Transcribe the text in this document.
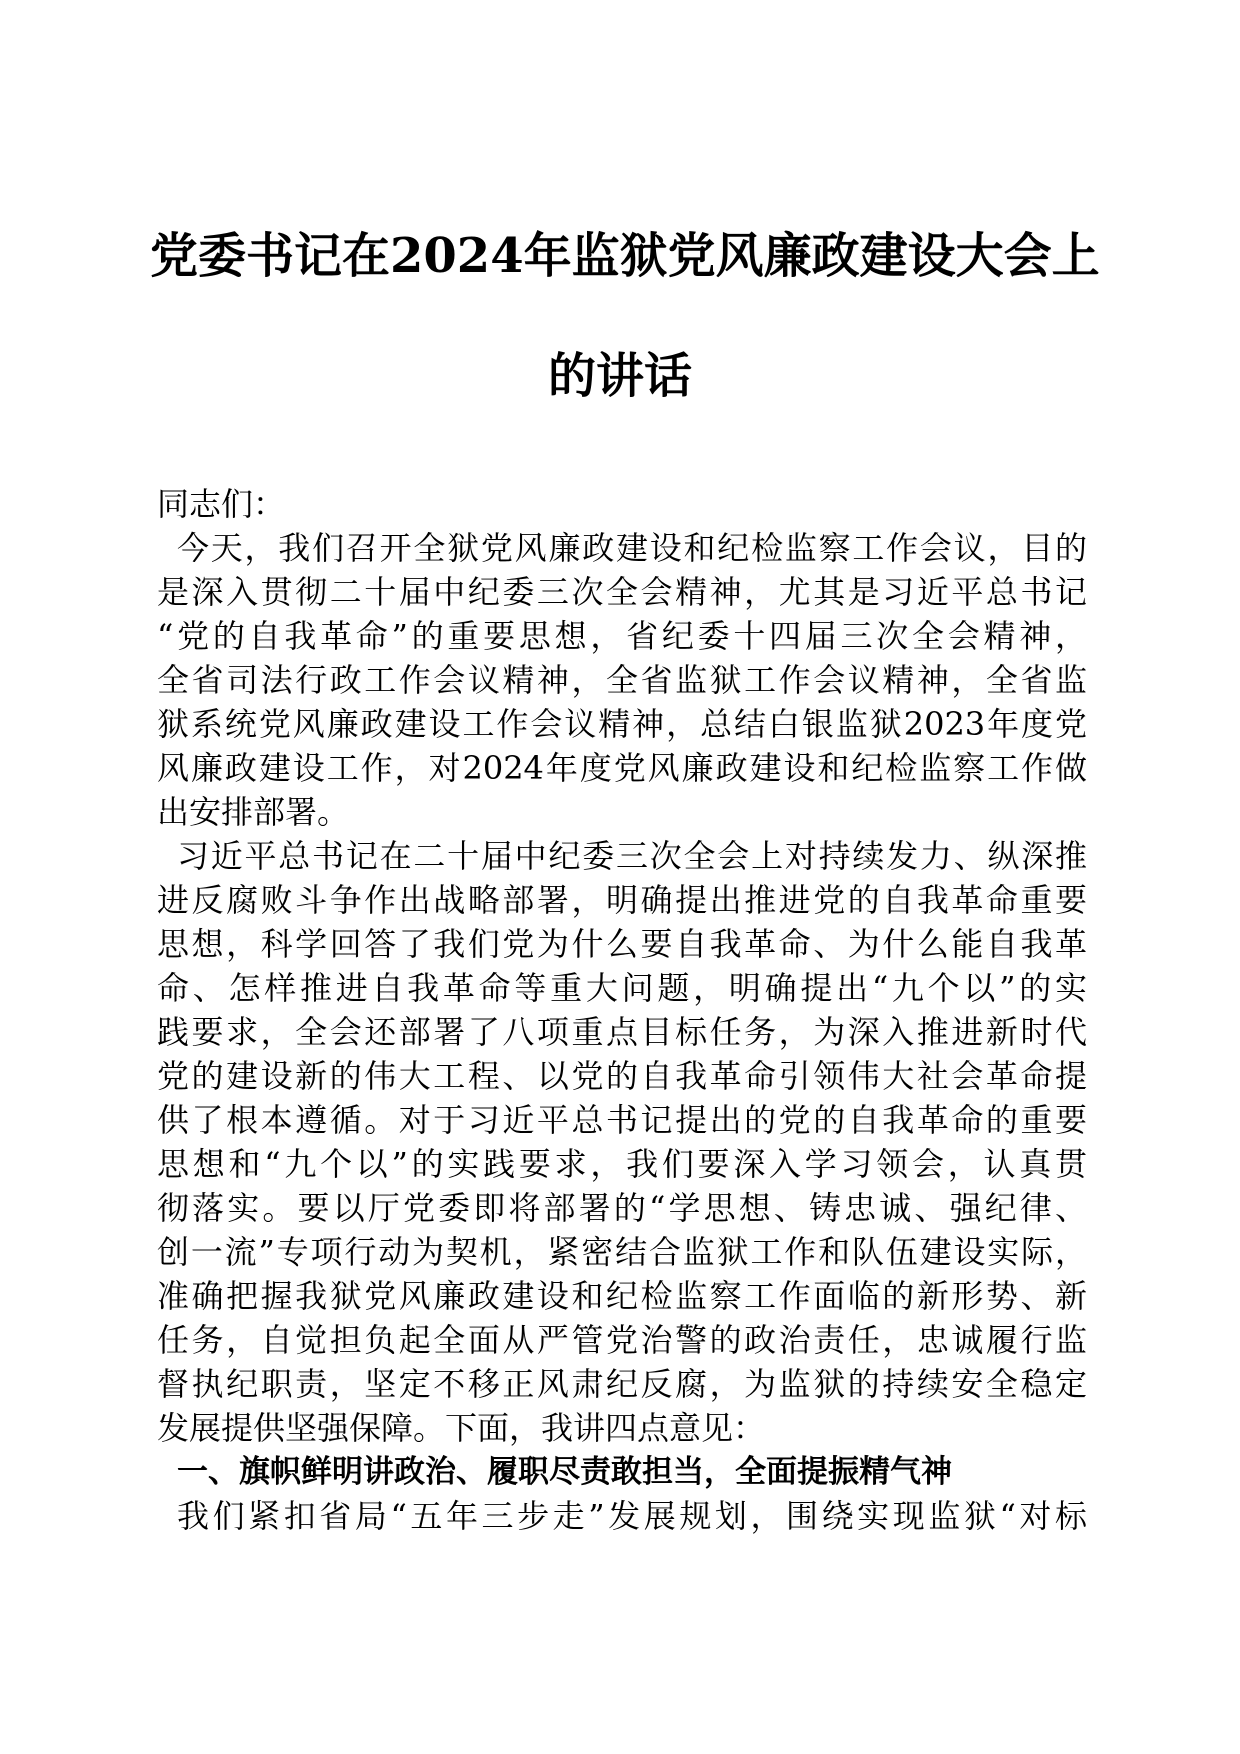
党委书记在2024年监狱党风廉政建设大会上
的讲话
同志们：
今天，我们召开全狱党风廉政建设和纪检监察工作会议，目的
是深入贯彻二十届中纪委三次全会精神，尤其是习近平总书记
“党的自我革命”的重要思想，省纪委十四届三次全会精神，
全省司法行政工作会议精神，全省监狱工作会议精神，全省监
狱系统党风廉政建设工作会议精神，总结白银监狱2023年度党
风廉政建设工作，对2024年度党风廉政建设和纪检监察工作做
出安排部署。
习近平总书记在二十届中纪委三次全会上对持续发力、纵深推
进反腐败斗争作出战略部署，明确提出推进党的自我革命重要
思想，科学回答了我们党为什么要自我革命、为什么能自我革
命、怎样推进自我革命等重大问题，明确提出“九个以”的实
践要求，全会还部署了八项重点目标任务，为深入推进新时代
党的建设新的伟大工程、以党的自我革命引领伟大社会革命提
供了根本遵循。对于习近平总书记提出的党的自我革命的重要
思想和“九个以”的实践要求，我们要深入学习领会，认真贯
彻落实。要以厅党委即将部署的“学思想、铸忠诚、强纪律、
创一流”专项行动为契机，紧密结合监狱工作和队伍建设实际，
准确把握我狱党风廉政建设和纪检监察工作面临的新形势、新
任务，自觉担负起全面从严管党治警的政治责任，忠诚履行监
督执纪职责，坚定不移正风肃纪反腐，为监狱的持续安全稳定
发展提供坚强保障。下面，我讲四点意见：
一、旗帜鲜明讲政治、履职尽责敢担当，全面提振精气神
我们紧扣省局“五年三步走”发展规划，围绕实现监狱“对标
